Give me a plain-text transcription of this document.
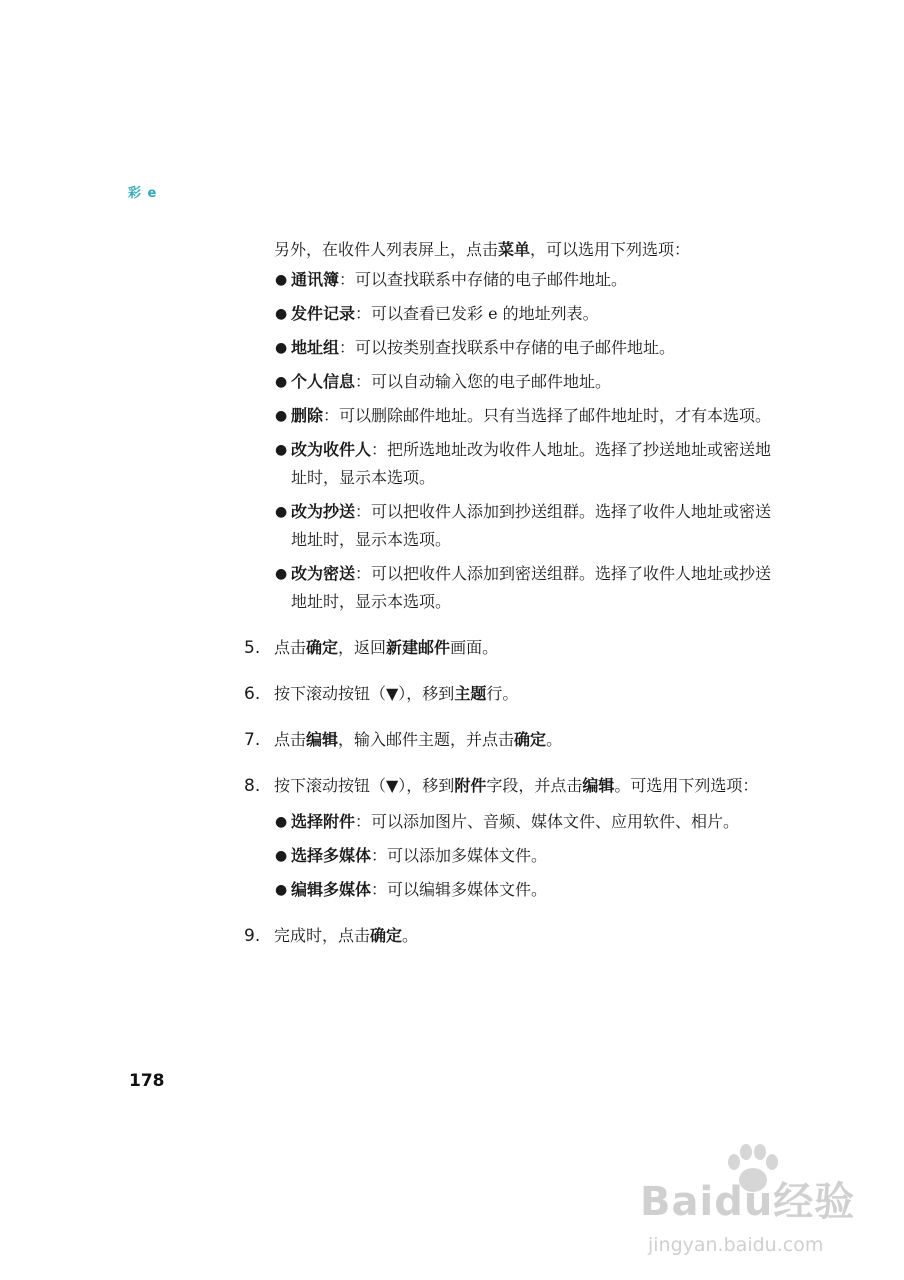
彩 e
另外，在收件人列表屏上，点击菜单，可以选用下列选项：
● 通讯簿：可以查找联系中存储的电子邮件地址。
● 发件记录：可以查看已发彩 e 的地址列表。
● 地址组：可以按类别查找联系中存储的电子邮件地址。
● 个人信息：可以自动输入您的电子邮件地址。
● 删除：可以删除邮件地址。只有当选择了邮件地址时，才有本选项。
● 改为收件人：把所选地址改为收件人地址。选择了抄送地址或密送地址时，显示本选项。
● 改为抄送：可以把收件人添加到抄送组群。选择了收件人地址或密送地址时，显示本选项。
● 改为密送：可以把收件人添加到密送组群。选择了收件人地址或抄送地址时，显示本选项。
5. 点击确定，返回新建邮件画面。
6. 按下滚动按钮（▼），移到主题行。
7. 点击编辑，输入邮件主题，并点击确定。
8. 按下滚动按钮（▼），移到附件字段，并点击编辑。可选用下列选项：
● 选择附件：可以添加图片、音频、媒体文件、应用软件、相片。
● 选择多媒体：可以添加多媒体文件。
● 编辑多媒体：可以编辑多媒体文件。
9. 完成时，点击确定。
178
Baidu经验
jingyan.baidu.com
